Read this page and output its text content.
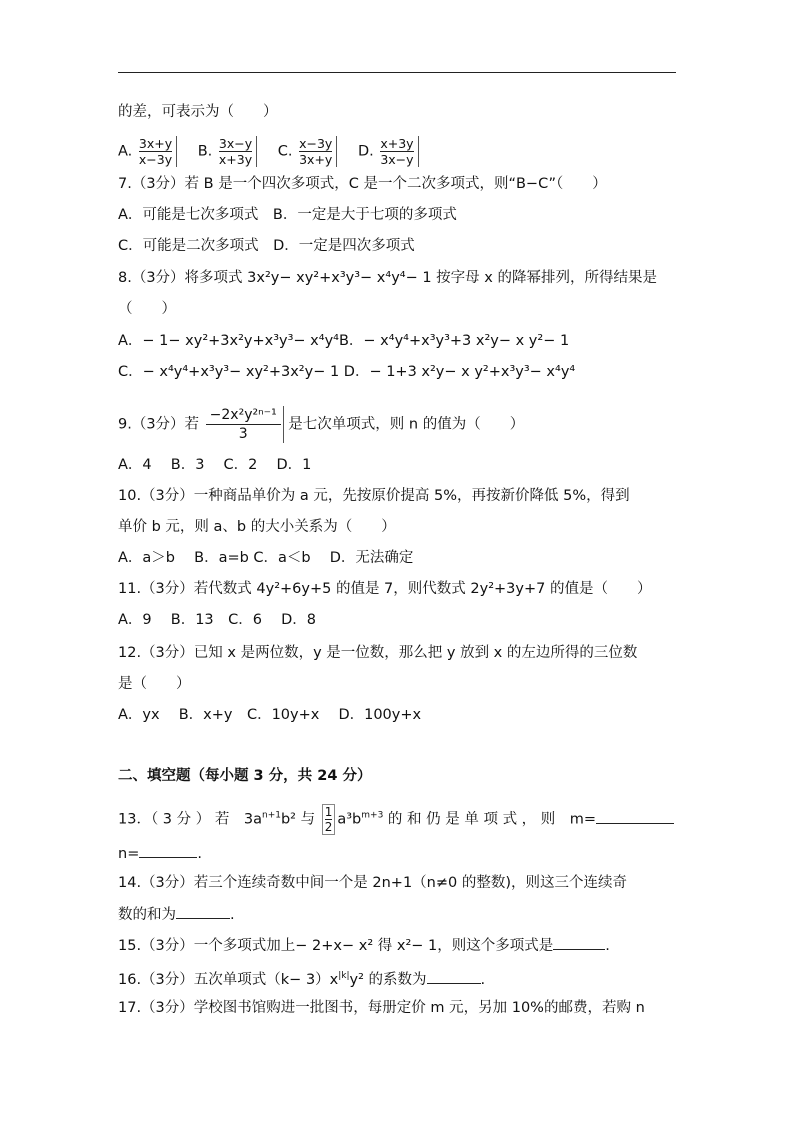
的差，可表示为（　　）
A. $\frac{3x+y}{x-3y} B$. $\frac{3x-y}{x+3y} C$. $\frac{x-3y}{3x+y} D$. $\frac{x+3y}{3x-y}$
7.（3分）若 B 是一个四次多项式，C 是一个二次多项式，则“B−C”（　　）
A．可能是七次多项式　B．一定是大于七项的多项式
C．可能是二次多项式　D．一定是四次多项式
8.（3分）将多项式 3x²y− xy²+x³y³− x⁴y⁴− 1 按字母 x 的降幂排列，所得结果是
（　　）
A．− 1− xy²+3x²y+x³y³− x⁴y⁴B．− x⁴y⁴+x³y³+3 x²y− x y²− 1
C．− x⁴y⁴+x³y³− xy²+3x²y− 1 D．− 1+3 x²y− x y²+x³y³− x⁴y⁴
9.（3分）若 $\frac{\text{−2x²y²ⁿ⁻¹}}{3}$ 是七次单项式，则 n 的值为（　　）
A．4　 B．3　 C．2　 D．1
10.（3分）一种商品单价为 a 元，先按原价提高 5%，再按新价降低 5%，得到
单价 b 元，则 a、b 的大小关系为（　　）
A．a＞b　 B．a=b C．a＜b　 D．无法确定
11.（3分）若代数式 4y²+6y+5 的值是 7，则代数式 2y²+3y+7 的值是（　　）
A．9　 B．13　C．6　 D．8
12.（3分）已知 x 是两位数，y 是一位数，那么把 y 放到 x 的左边所得的三位数
是（　　）
A．yx　 B．x+y　C．10y+x　 D．100y+x
二、填空题（每小题 3 分，共 24 分）
13．（ 3 分 ） 若　$3a^{n+1}b^2$ 与 $\frac{1}{2} a^3b^{m+3}$ 的 和 仍 是 单 项 式 ， 则　m=
n=	.
14.（3分）若三个连续奇数中间一个是 2n+1（n≠0 的整数)，则这三个连续奇
数的和为	.
15.（3分）一个多项式加上− 2+x− x² 得 x²− 1，则这个多项式是	.
16.（3分）五次单项式$(k- 3)x^{|k|}y^2$ 的系数为	.
17.（3分）学校图书馆购进一批图书，每册定价 m 元，另加 10%的邮费，若购 n
